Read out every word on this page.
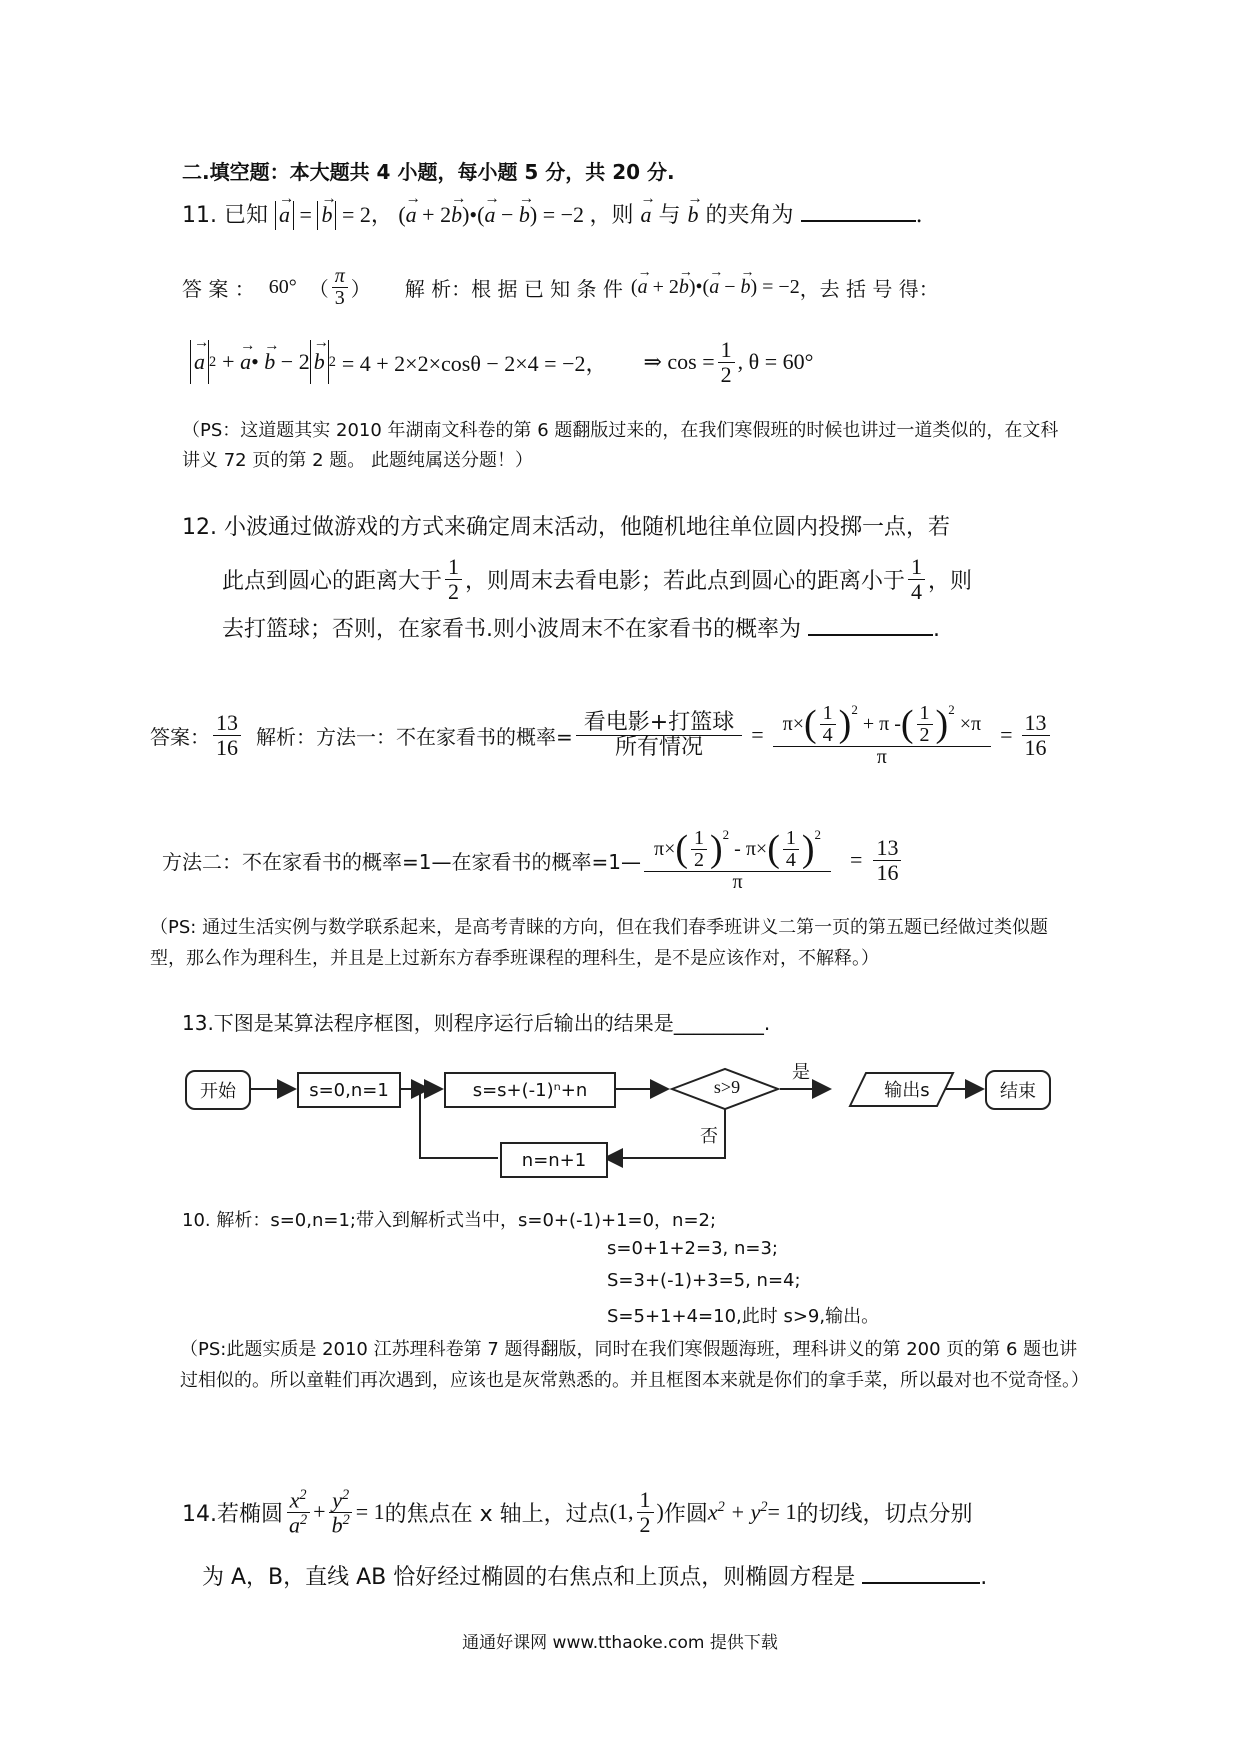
二.填空题：本大题共 4 小题，每小题 5 分，共 20 分.
11. 已知 → a = → b = 2， (→ a + 2→ b)•(→ a − → b) = −2 ，则 → a 与 → b 的夹角为	.
答 案 ： 60° （ $\frac{\pi}{3}$ ） 解 析：根 据 已 知 条 件 (→ a + 2→ b)•(→ a − → b) = −2 ，去 括 号 得：
→ a 2 + → a• → b − 2 → b 2 = 4 + 2×2×cosθ − 2×4 = −2， ⇒ $\cos = \frac{1}{2}$ , θ = 60°
（PS：这道题其实 2010 年湖南文科卷的第 6 题翻版过来的，在我们寒假班的时候也讲过一道类似的，在文科讲义 72 页的第 2 题。 此题纯属送分题！）
12. 小波通过做游戏的方式来确定周末活动，他随机地往单位圆内投掷一点，若
此点到圆心的距离大于 $\frac{1}{2}$ ，则周末去看电影；若此点到圆心的距离小于 $\frac{1}{4}$ ，则
去打篮球；否则，在家看书.则小波周末不在家看书的概率为	.
答案： $\frac{13}{16}$ 解析：方法一：不在家看书的概率= $\frac{\text{看电影+打篮球}}{\text{所有情况}} = \pi\times$ ( $\frac{1}{4}$ ) 2
+ π - ( $\frac{1}{2}$ ) 2
×π
$\pi = \frac{13}{16}$
方法二：不在家看书的概率=1—在家看书的概率=1— π× ( $\frac{1}{2}$ ) 2
- π× ( $\frac{1}{4}$ ) 2
$\pi = \frac{13}{16}$
（PS: 通过生活实例与数学联系起来，是高考青睐的方向，但在我们春季班讲义二第一页的第五题已经做过类似题型，那么作为理科生，并且是上过新东方春季班课程的理科生，是不是应该作对，不解释。）
13.下图是某算法程序框图，则程序运行后输出的结果是_________.
开始	s=0,n=1	s=s+(-1)ⁿ+n	s>9
是
输出s	结束
否
n=n+1
10. 解析：s=0,n=1;带入到解析式当中，s=0+(-1)+1=0，n=2;
s=0+1+2=3, n=3;
S=3+(-1)+3=5, n=4;
S=5+1+4=10,此时 s>9,输出。
（PS:此题实质是 2010 江苏理科卷第 7 题得翻版，同时在我们寒假题海班，理科讲义的第 200 页的第 6 题也讲过相似的。所以童鞋们再次遇到，应该也是灰常熟悉的。并且框图本来就是你们的拿手菜，所以最对也不觉奇怪。）
14.若椭圆 $\frac{x^2}{a^2} + \frac{y^2}{b^2} = 1$ 的焦点在 x 轴上，过点 (1, $\frac{1}{2}$ ) 作圆 $x^2 + y^2 = 1$ 的切线，切点分别
为 A，B，直线 AB 恰好经过椭圆的右焦点和上顶点，则椭圆方程是	.
通通好课网 www.tthaoke.com 提供下载
